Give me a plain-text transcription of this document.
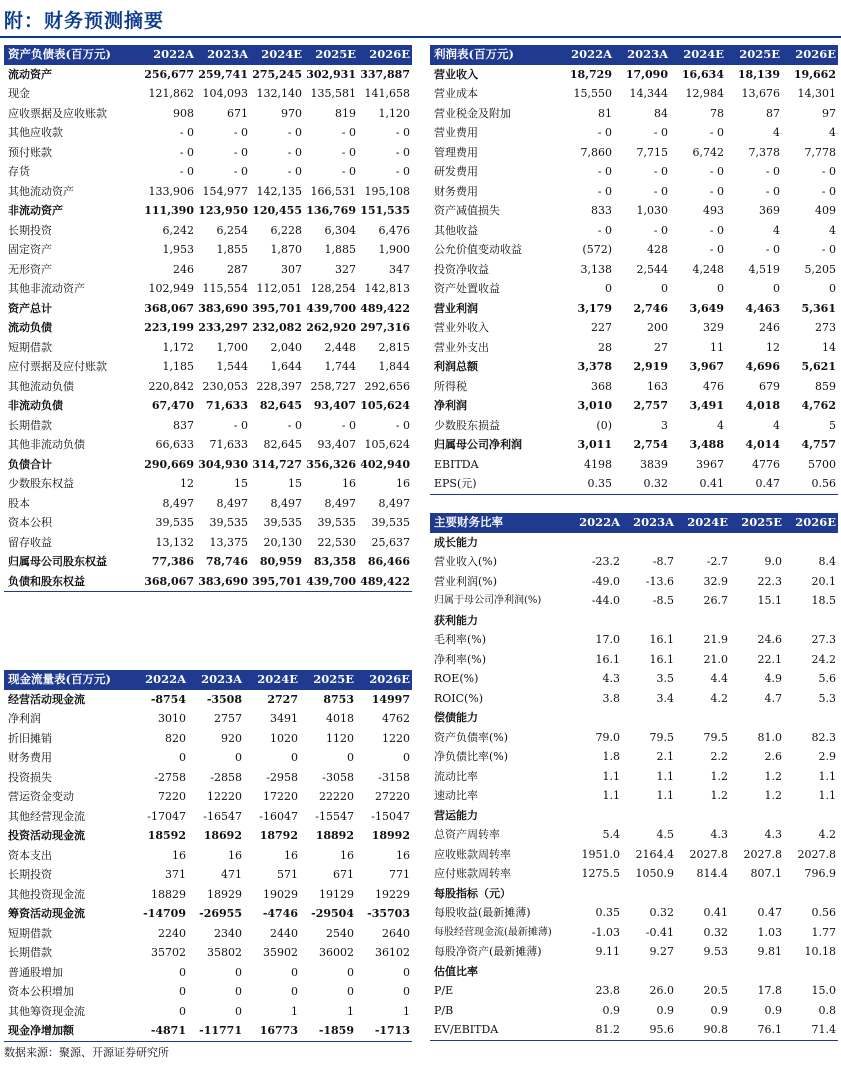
附：财务预测摘要
资产负债表(百万元)	2022A	2023A	2024E	2025E	2026E
流动资产	256,677	259,741	275,245	302,931	337,887
现金	121,862	104,093	132,140	135,581	141,658
应收票据及应收账款	908	671	970	819	1,120
其他应收款	- 0	- 0	- 0	- 0	- 0
预付账款	- 0	- 0	- 0	- 0	- 0
存货	- 0	- 0	- 0	- 0	- 0
其他流动资产	133,906	154,977	142,135	166,531	195,108
非流动资产	111,390	123,950	120,455	136,769	151,535
长期投资	6,242	6,254	6,228	6,304	6,476
固定资产	1,953	1,855	1,870	1,885	1,900
无形资产	246	287	307	327	347
其他非流动资产	102,949	115,554	112,051	128,254	142,813
资产总计	368,067	383,690	395,701	439,700	489,422
流动负债	223,199	233,297	232,082	262,920	297,316
短期借款	1,172	1,700	2,040	2,448	2,815
应付票据及应付账款	1,185	1,544	1,644	1,744	1,844
其他流动负债	220,842	230,053	228,397	258,727	292,656
非流动负债	67,470	71,633	82,645	93,407	105,624
长期借款	837	- 0	- 0	- 0	- 0
其他非流动负债	66,633	71,633	82,645	93,407	105,624
负债合计	290,669	304,930	314,727	356,326	402,940
少数股东权益	12	15	15	16	16
股本	8,497	8,497	8,497	8,497	8,497
资本公积	39,535	39,535	39,535	39,535	39,535
留存收益	13,132	13,375	20,130	22,530	25,637
归属母公司股东权益	77,386	78,746	80,959	83,358	86,466
负债和股东权益	368,067	383,690	395,701	439,700	489,422
利润表(百万元)	2022A	2023A	2024E	2025E	2026E
营业收入	18,729	17,090	16,634	18,139	19,662
营业成本	15,550	14,344	12,984	13,676	14,301
营业税金及附加	81	84	78	87	97
营业费用	- 0	- 0	- 0	4	4
管理费用	7,860	7,715	6,742	7,378	7,778
研发费用	- 0	- 0	- 0	- 0	- 0
财务费用	- 0	- 0	- 0	- 0	- 0
资产减值损失	833	1,030	493	369	409
其他收益	- 0	- 0	- 0	4	4
公允价值变动收益	(572)	428	- 0	- 0	- 0
投资净收益	3,138	2,544	4,248	4,519	5,205
资产处置收益	0	0	0	0	0
营业利润	3,179	2,746	3,649	4,463	5,361
营业外收入	227	200	329	246	273
营业外支出	28	27	11	12	14
利润总额	3,378	2,919	3,967	4,696	5,621
所得税	368	163	476	679	859
净利润	3,010	2,757	3,491	4,018	4,762
少数股东损益	(0)	3	4	4	5
归属母公司净利润	3,011	2,754	3,488	4,014	4,757
EBITDA	4198	3839	3967	4776	5700
EPS(元)	0.35	0.32	0.41	0.47	0.56
主要财务比率	2022A	2023A	2024E	2025E	2026E
成长能力					
营业收入(%)	-23.2	-8.7	-2.7	9.0	8.4
营业利润(%)	-49.0	-13.6	32.9	22.3	20.1
归属于母公司净利润(%)	-44.0	-8.5	26.7	15.1	18.5
获利能力					
毛利率(%)	17.0	16.1	21.9	24.6	27.3
净利率(%)	16.1	16.1	21.0	22.1	24.2
ROE(%)	4.3	3.5	4.4	4.9	5.6
ROIC(%)	3.8	3.4	4.2	4.7	5.3
偿债能力					
资产负债率(%)	79.0	79.5	79.5	81.0	82.3
净负债比率(%)	1.8	2.1	2.2	2.6	2.9
流动比率	1.1	1.1	1.2	1.2	1.1
速动比率	1.1	1.1	1.2	1.2	1.1
营运能力					
总资产周转率	5.4	4.5	4.3	4.3	4.2
应收账款周转率	1951.0	2164.4	2027.8	2027.8	2027.8
应付账款周转率	1275.5	1050.9	814.4	807.1	796.9
每股指标（元）					
每股收益(最新摊薄)	0.35	0.32	0.41	0.47	0.56
每股经营现金流(最新摊薄)	-1.03	-0.41	0.32	1.03	1.77
每股净资产(最新摊薄)	9.11	9.27	9.53	9.81	10.18
估值比率					
P/E	23.8	26.0	20.5	17.8	15.0
P/B	0.9	0.9	0.9	0.9	0.8
EV/EBITDA	81.2	95.6	90.8	76.1	71.4
现金流量表(百万元)	2022A	2023A	2024E	2025E	2026E
经营活动现金流	-8754	-3508	2727	8753	14997
净利润	3010	2757	3491	4018	4762
折旧摊销	820	920	1020	1120	1220
财务费用	0	0	0	0	0
投资损失	-2758	-2858	-2958	-3058	-3158
营运资金变动	7220	12220	17220	22220	27220
其他经营现金流	-17047	-16547	-16047	-15547	-15047
投资活动现金流	18592	18692	18792	18892	18992
资本支出	16	16	16	16	16
长期投资	371	471	571	671	771
其他投资现金流	18829	18929	19029	19129	19229
筹资活动现金流	-14709	-26955	-4746	-29504	-35703
短期借款	2240	2340	2440	2540	2640
长期借款	35702	35802	35902	36002	36102
普通股增加	0	0	0	0	0
资本公积增加	0	0	0	0	0
其他筹资现金流	0	0	1	1	1
现金净增加额	-4871	-11771	16773	-1859	-1713
数据来源：聚源、开源证券研究所
